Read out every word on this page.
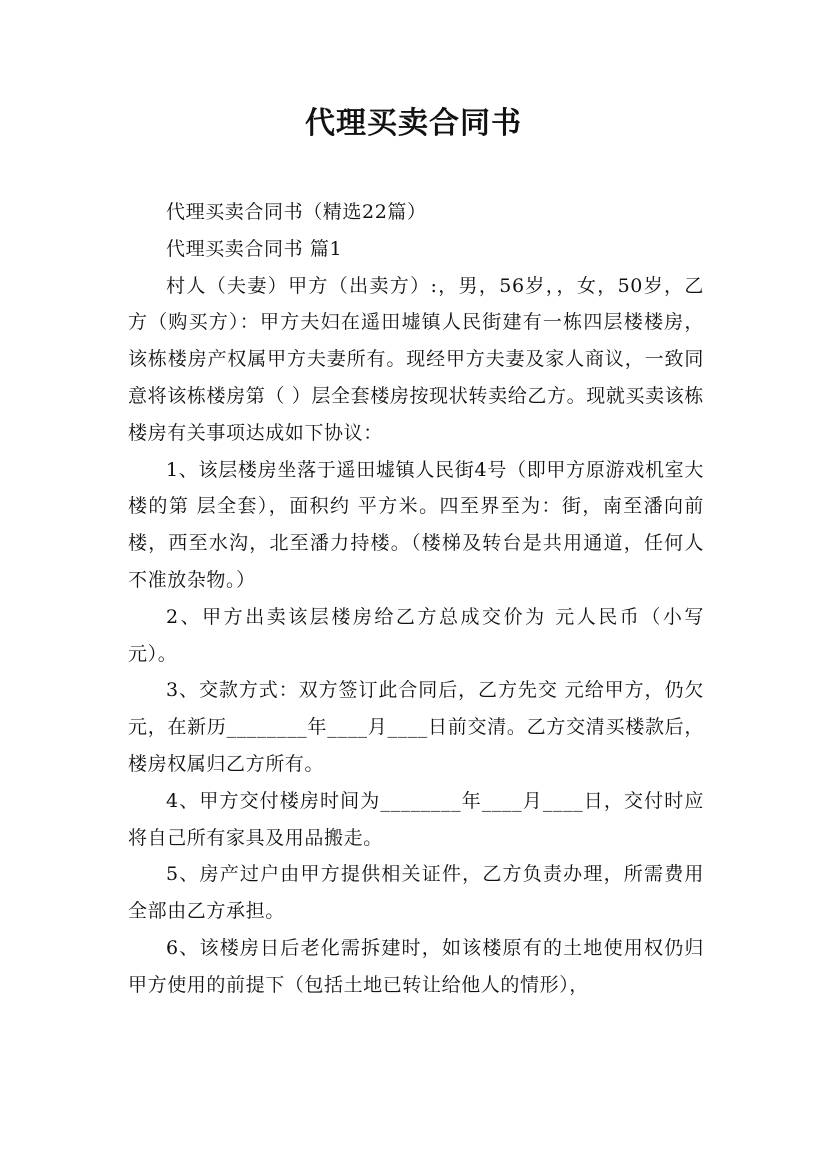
代理买卖合同书

代理买卖合同书（精选22篇）

代理买卖合同书 篇1

村人（夫妻）甲方（出卖方）:，男，56岁，，女，50岁，乙方（购买方）：甲方夫妇在遥田墟镇人民街建有一栋四层楼楼房，该栋楼房产权属甲方夫妻所有。现经甲方夫妻及家人商议，一致同意将该栋楼房第（ ）层全套楼房按现状转卖给乙方。现就买卖该栋楼房有关事项达成如下协议：

1、该层楼房坐落于遥田墟镇人民街4号（即甲方原游戏机室大楼的第 层全套），面积约 平方米。四至界至为：街，南至潘向前楼，西至水沟，北至潘力持楼。（楼梯及转台是共用通道，任何人不准放杂物。）

2、甲方出卖该层楼房给乙方总成交价为 元人民币（小写 元）。

3、交款方式：双方签订此合同后，乙方先交 元给甲方，仍欠 元，在新历________年____月____日前交清。乙方交清买楼款后，楼房权属归乙方所有。

4、甲方交付楼房时间为________年____月____日，交付时应将自己所有家具及用品搬走。

5、房产过户由甲方提供相关证件，乙方负责办理，所需费用全部由乙方承担。

6、该楼房日后老化需拆建时，如该楼原有的土地使用权仍归甲方使用的前提下（包括土地已转让给他人的情形），
